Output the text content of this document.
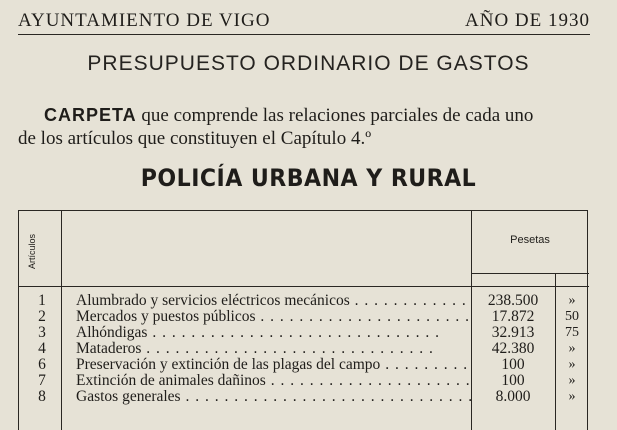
AYUNTAMIENTO DE VIGO	AÑO DE 1930
PRESUPUESTO ORDINARIO DE GASTOS
CARPETA que comprende las relaciones parciales de cada uno
de los artículos que constituyen el Capítulo 4.º
POLICÍA URBANA Y RURAL
Artículos	Pesetas
1 Alumbrado y servicios eléctricos mecánicos . . .	238.500	»
2 Mercados y puestos públicos . . .	17.872	50
3 Alhóndigas . . .	32.913	75
4 Mataderos . . .	42.380	»
6 Preservación y extinción de las plagas del campo . . .	100	»
7 Extinción de animales dañinos . . .	100	»
8 Gastos generales . . .	8.000	»
